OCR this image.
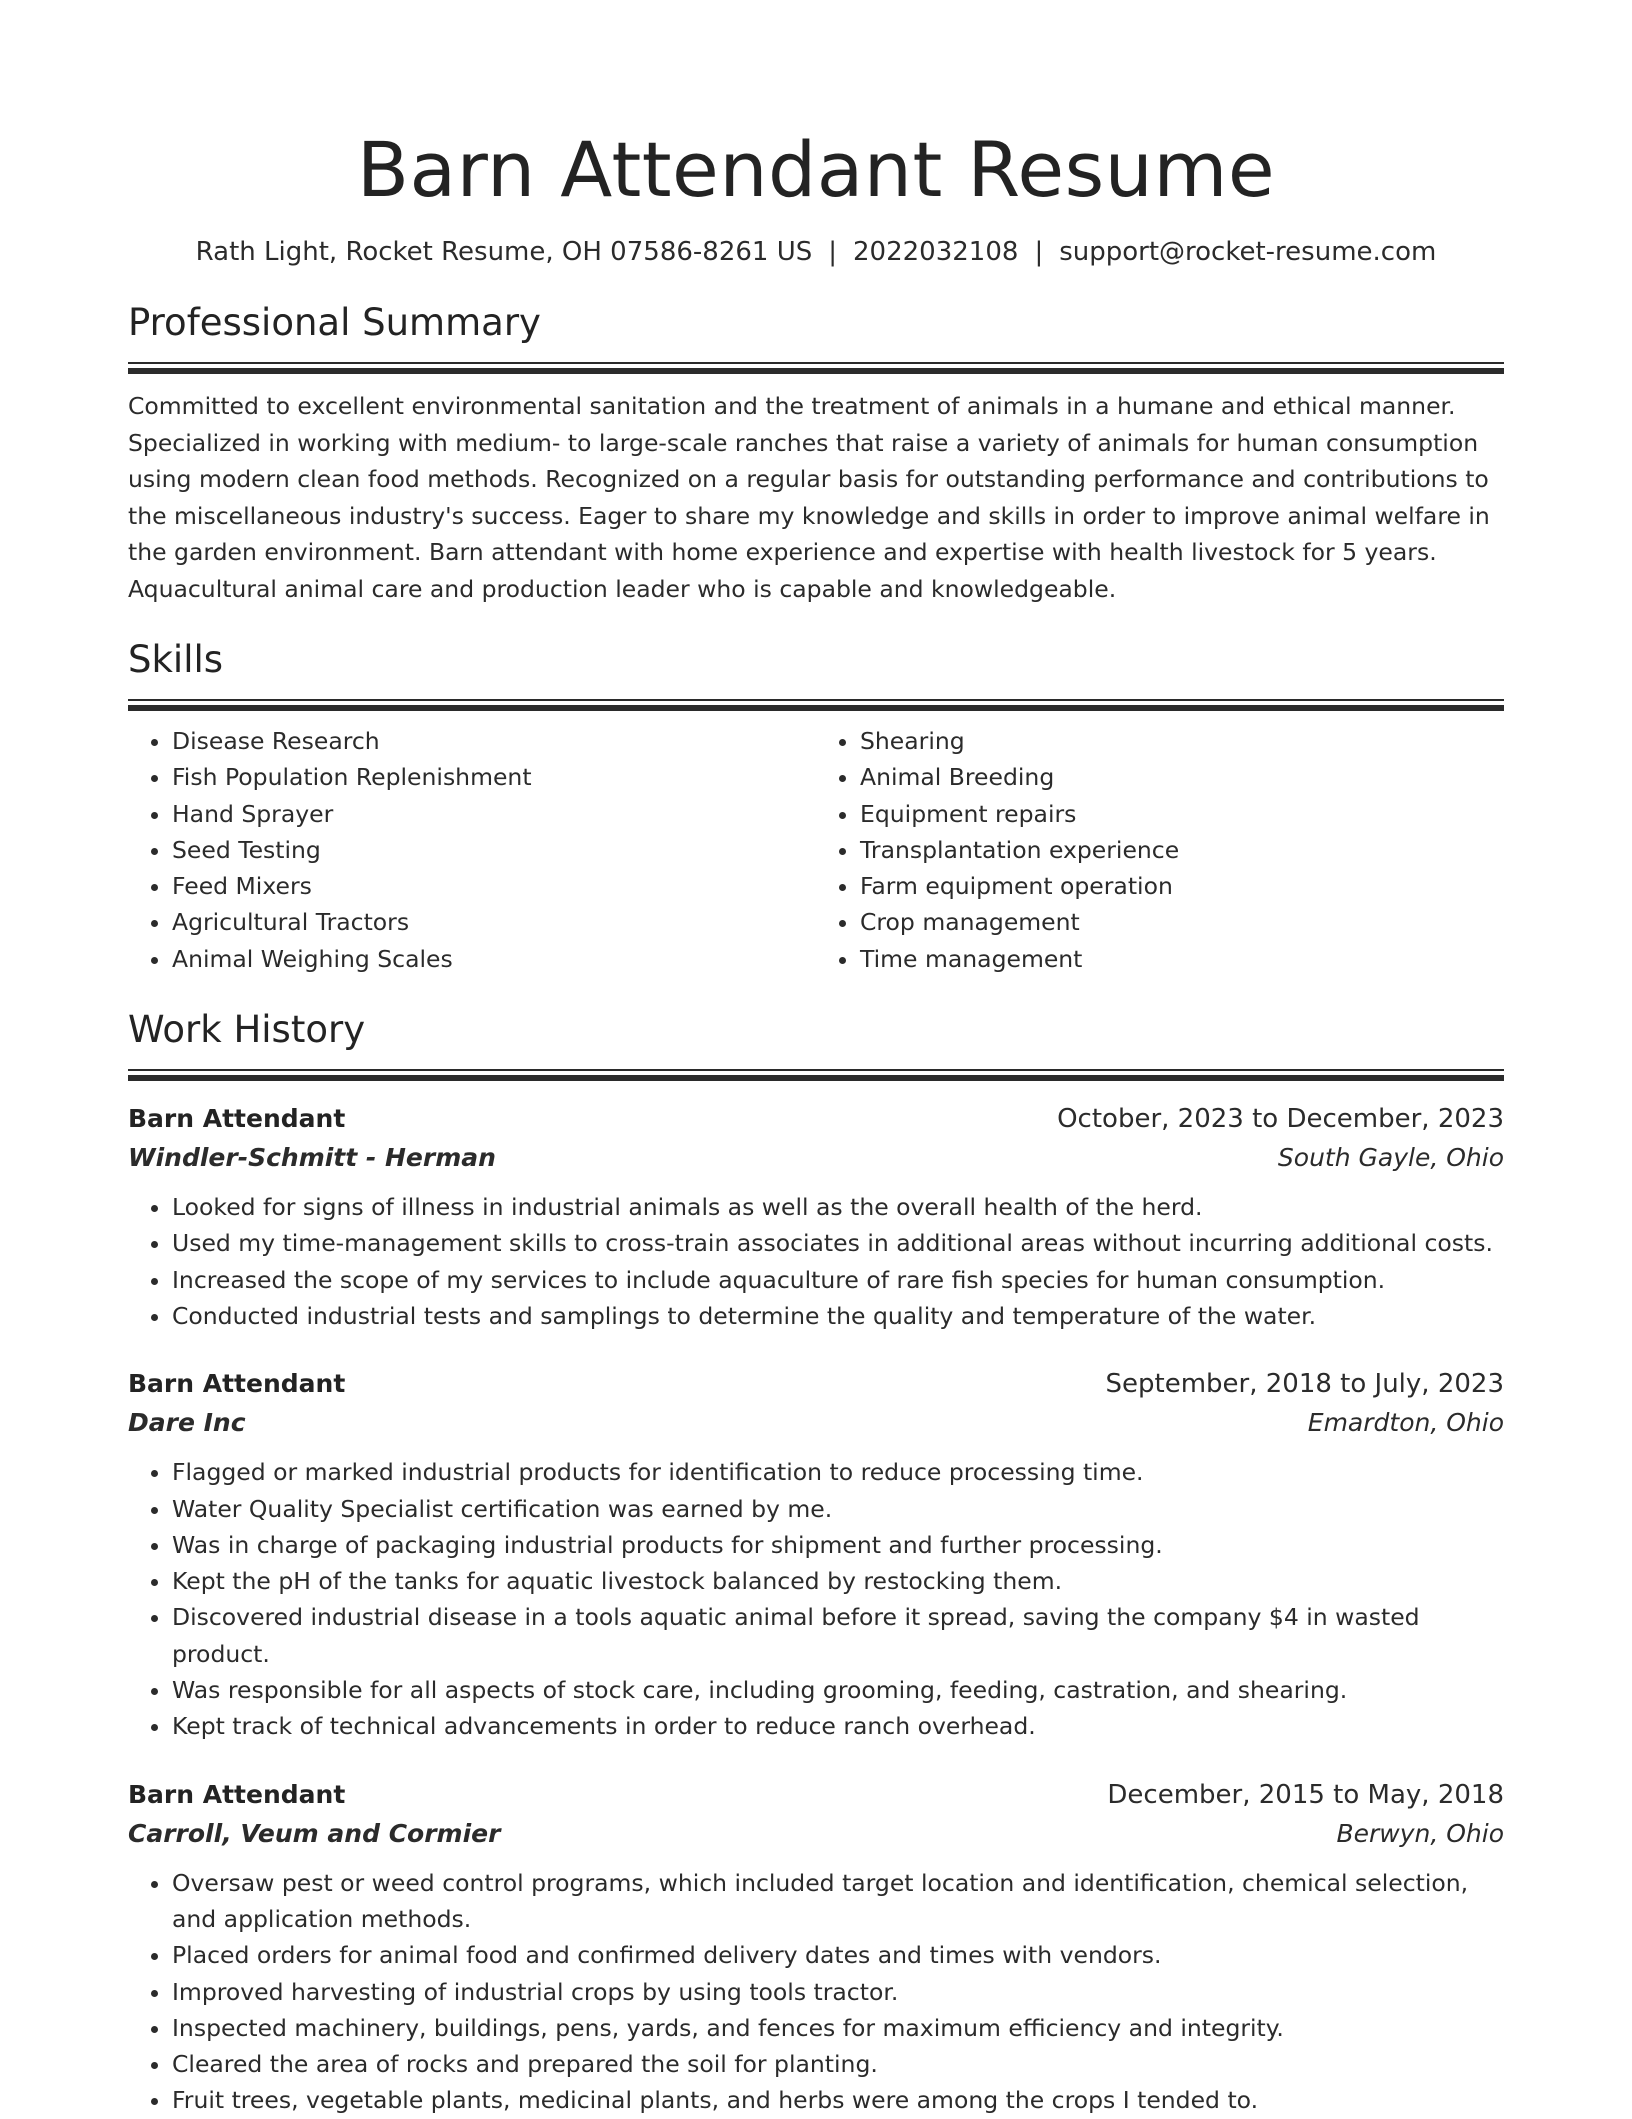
Barn Attendant Resume
Rath Light, Rocket Resume, OH 07586-8261 US | 2022032108 | support@rocket-resume.com
Professional Summary
Committed to excellent environmental sanitation and the treatment of animals in a humane and ethical manner. Specialized in working with medium- to large-scale ranches that raise a variety of animals for human consumption using modern clean food methods. Recognized on a regular basis for outstanding performance and contributions to the miscellaneous industry's success. Eager to share my knowledge and skills in order to improve animal welfare in the garden environment. Barn attendant with home experience and expertise with health livestock for 5 years. Aquacultural animal care and production leader who is capable and knowledgeable.
Skills
• Disease Research
• Fish Population Replenishment
• Hand Sprayer
• Seed Testing
• Feed Mixers
• Agricultural Tractors
• Animal Weighing Scales
• Shearing
• Animal Breeding
• Equipment repairs
• Transplantation experience
• Farm equipment operation
• Crop management
• Time management
Work History
Barn Attendant	October, 2023 to December, 2023
Windler-Schmitt - Herman	South Gayle, Ohio
• Looked for signs of illness in industrial animals as well as the overall health of the herd.
• Used my time-management skills to cross-train associates in additional areas without incurring additional costs.
• Increased the scope of my services to include aquaculture of rare fish species for human consumption.
• Conducted industrial tests and samplings to determine the quality and temperature of the water.
Barn Attendant	September, 2018 to July, 2023
Dare Inc	Emardton, Ohio
• Flagged or marked industrial products for identification to reduce processing time.
• Water Quality Specialist certification was earned by me.
• Was in charge of packaging industrial products for shipment and further processing.
• Kept the pH of the tanks for aquatic livestock balanced by restocking them.
• Discovered industrial disease in a tools aquatic animal before it spread, saving the company $4 in wasted product.
• Was responsible for all aspects of stock care, including grooming, feeding, castration, and shearing.
• Kept track of technical advancements in order to reduce ranch overhead.
Barn Attendant	December, 2015 to May, 2018
Carroll, Veum and Cormier	Berwyn, Ohio
• Oversaw pest or weed control programs, which included target location and identification, chemical selection, and application methods.
• Placed orders for animal food and confirmed delivery dates and times with vendors.
• Improved harvesting of industrial crops by using tools tractor.
• Inspected machinery, buildings, pens, yards, and fences for maximum efficiency and integrity.
• Cleared the area of rocks and prepared the soil for planting.
• Fruit trees, vegetable plants, medicinal plants, and herbs were among the crops I tended to.
